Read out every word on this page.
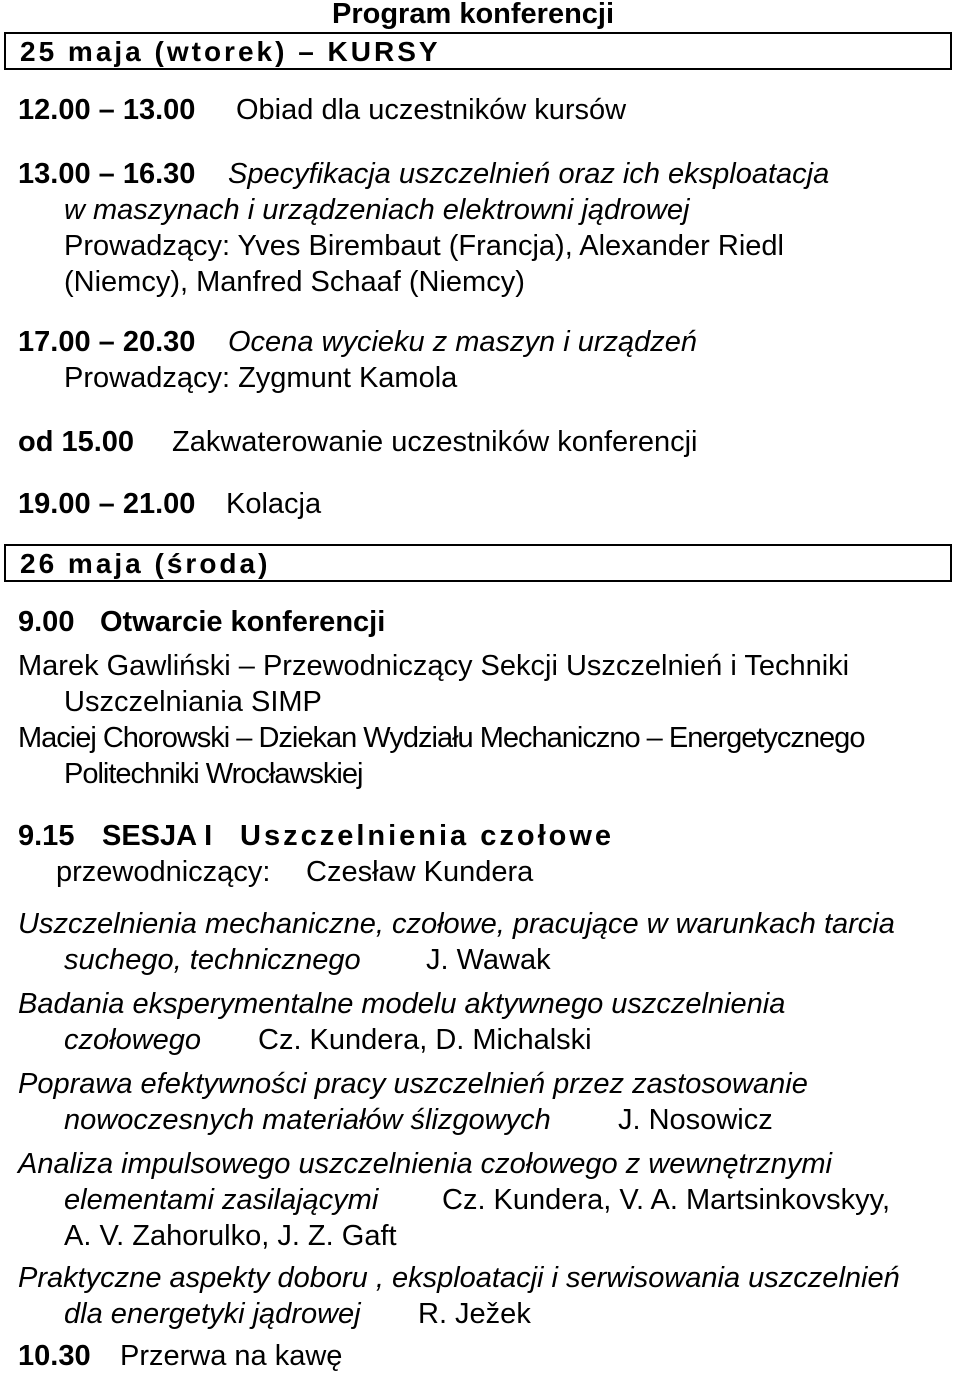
Program konferencji
25 maja (wtorek) – KURSY
12.00 – 13.00 Obiad dla uczestników kursów
13.00 – 16.30 Specyfikacja uszczelnień oraz ich eksploatacja
w maszynach i urządzeniach elektrowni jądrowej
Prowadzący: Yves Birembaut (Francja), Alexander Riedl
(Niemcy), Manfred Schaaf (Niemcy)
17.00 – 20.30 Ocena wycieku z maszyn i urządzeń
Prowadzący: Zygmunt Kamola
od 15.00 Zakwaterowanie uczestników konferencji
19.00 – 21.00 Kolacja
26 maja (środa)
9.00 Otwarcie konferencji
Marek Gawliński – Przewodniczący Sekcji Uszczelnień i Techniki
Uszczelniania SIMP
Maciej Chorowski – Dziekan Wydziału Mechaniczno – Energetycznego
Politechniki Wrocławskiej
9.15 SESJA I Uszczelnienia czołowe
przewodniczący: Czesław Kundera
Uszczelnienia mechaniczne, czołowe, pracujące w warunkach tarcia
suchego, technicznego J. Wawak
Badania eksperymentalne modelu aktywnego uszczelnienia
czołowego Cz. Kundera, D. Michalski
Poprawa efektywności pracy uszczelnień przez zastosowanie
nowoczesnych materiałów ślizgowych J. Nosowicz
Analiza impulsowego uszczelnienia czołowego z wewnętrznymi
elementami zasilającymi Cz. Kundera, V. A. Martsinkovskyy,
A. V. Zahorulko, J. Z. Gaft
Praktyczne aspekty doboru , eksploatacji i serwisowania uszczelnień
dla energetyki jądrowej R. Ježek
10.30 Przerwa na kawę
